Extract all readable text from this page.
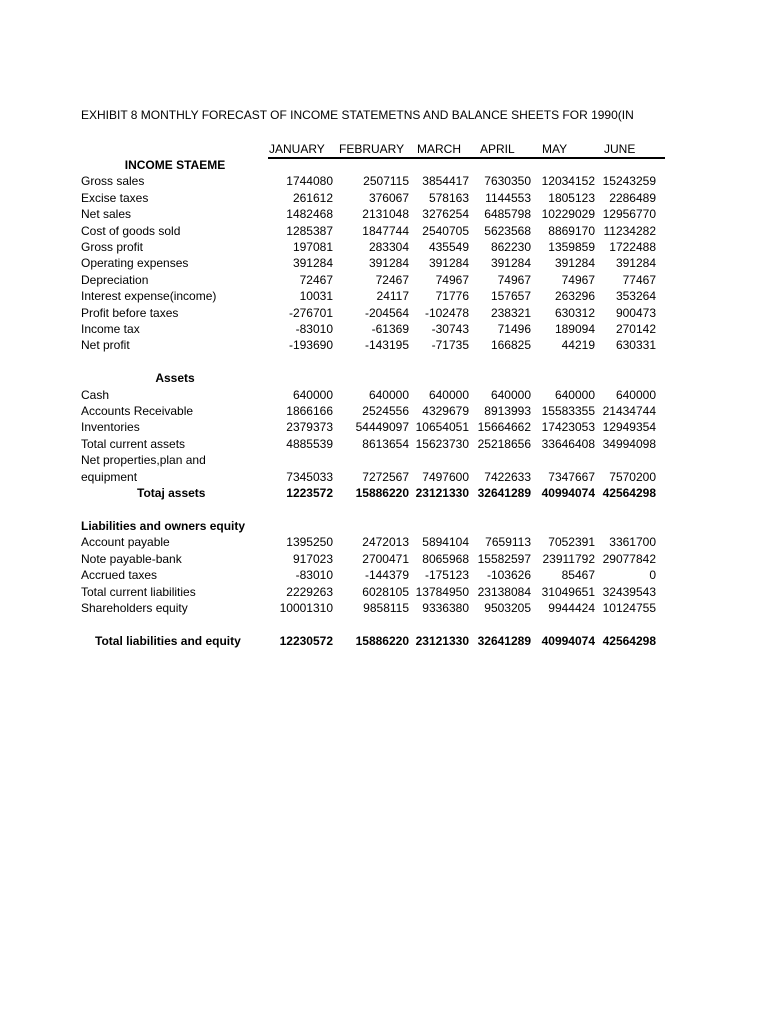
EXHIBIT 8 MONTHLY FORECAST OF INCOME STATEMETNS AND BALANCE SHEETS FOR 1990(IN
JANUARY FEBRUARY MARCH APRIL MAY	JUNE
INCOME STAEME						
Gross sales	1744080	2507115	3854417	7630350	12034152	15243259
Excise taxes	261612	376067	578163	1144553	1805123	2286489
Net sales	1482468	2131048	3276254	6485798	10229029	12956770
Cost of goods sold	1285387	1847744	2540705	5623568	8869170	11234282
Gross profit	197081	283304	435549	862230	1359859	1722488
Operating expenses	391284	391284	391284	391284	391284	391284
Depreciation	72467	72467	74967	74967	74967	77467
Interest expense(income)	10031	24117	71776	157657	263296	353264
Profit before taxes	-276701	-204564	-102478	238321	630312	900473
Income tax	-83010	-61369	-30743	71496	189094	270142
Net profit	-193690	-143195	-71735	166825	44219	630331

Assets						
Cash	640000	640000	640000	640000	640000	640000
Accounts Receivable	1866166	2524556	4329679	8913993	15583355	21434744
Inventories	2379373	54449097	10654051	15664662	17423053	12949354
Total current assets	4885539	8613654	15623730	25218656	33646408	34994098
Net properties,plan and						
equipment	7345033	7272567	7497600	7422633	7347667	7570200
Totaj assets	1223572	15886220	23121330	32641289	40994074	42564298

Liabilities and owners equity						
Account payable	1395250	2472013	5894104	7659113	7052391	3361700
Note payable-bank	917023	2700471	8065968	15582597	23911792	29077842
Accrued taxes	-83010	-144379	-175123	-103626	85467	0
Total current liabilities	2229263	6028105	13784950	23138084	31049651	32439543
Shareholders equity	10001310	9858115	9336380	9503205	9944424	10124755

Total liabilities and equity	12230572	15886220	23121330	32641289	40994074	42564298
